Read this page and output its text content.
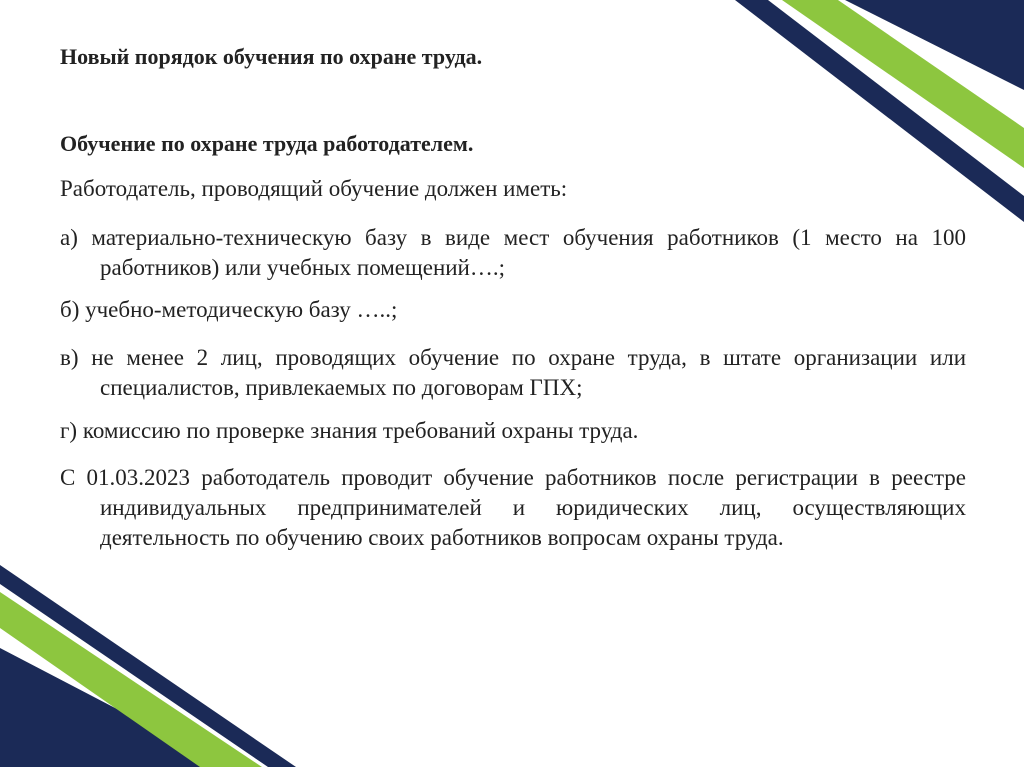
Новый порядок обучения по охране труда.
Обучение по охране труда работодателем.

Работодатель, проводящий обучение должен иметь:

а) материально-техническую базу в виде мест обучения работников (1 место на 100 работников) или учебных помещений….;

б) учебно-методическую базу …..;

в) не менее 2 лиц, проводящих обучение по охране труда, в штате организации или специалистов, привлекаемых по договорам ГПХ;

г) комиссию по проверке знания требований охраны труда.

С 01.03.2023 работодатель проводит обучение работников после регистрации в реестре индивидуальных предпринимателей и юридических лиц, осуществляющих деятельность по обучению своих работников вопросам охраны труда.
